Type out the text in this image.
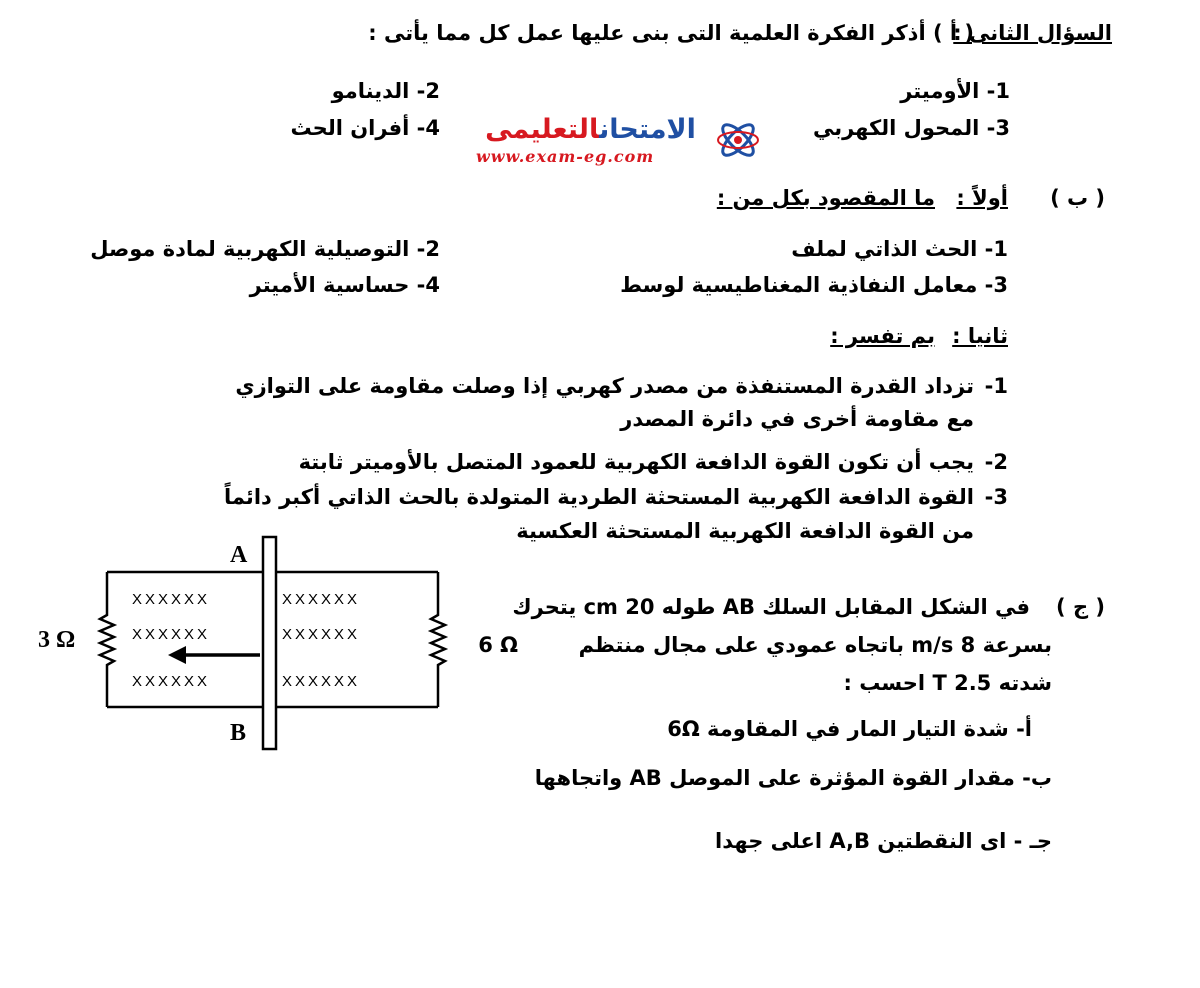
السؤال الثانى :
( أ ) أذكر الفكرة العلمية التى بنى عليها عمل كل مما يأتى :
1- الأوميتر
2- الدينامو
3- المحول الكهربي
4- أفران الحث	الامتحانالتعليمى
www.exam-eg.com
( ب )
أولاً :
ما المقصود بكل من :
1- الحث الذاتي لملف
2- التوصيلية الكهربية لمادة موصل
3- معامل النفاذية المغناطيسية لوسط
4- حساسية الأميتر
ثانيا :
بم تفسر :
1-
تزداد القدرة المستنفذة من مصدر كهربي إذا وصلت مقاومة على التوازي
مع مقاومة أخرى في دائرة المصدر
2-
يجب أن تكون القوة الدافعة الكهربية للعمود المتصل بالأوميتر ثابتة
3-
القوة الدافعة الكهربية المستحثة الطردية المتولدة بالحث الذاتي أكبر دائماً
من القوة الدافعة الكهربية المستحثة العكسية
( ج )
في الشكل المقابل السلك AB طوله 20 cm يتحرك
بسرعة 8 m/s باتجاه عمودي على مجال منتظم
6 Ω
شدته 2.5 T احسب :
أ- شدة التيار المار في المقاومة 6Ω
ب- مقدار القوة المؤثرة على الموصل AB واتجاهها
جـ - اى النقطتين A,B اعلى جهدا
XXXXXX	XXXXXX
XXXXXX	XXXXXX
XXXXXX	XXXXXX
A
B
3 Ω
